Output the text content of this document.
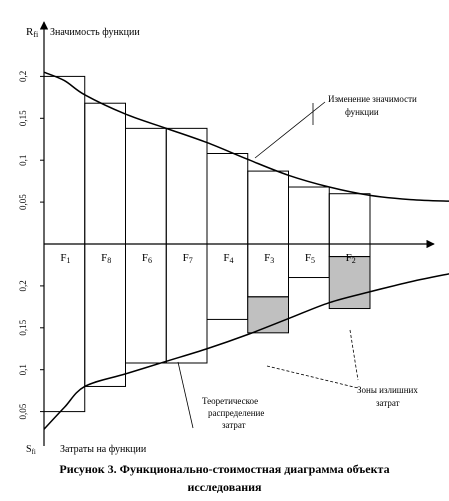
Rfi Значимость функции
$S_{fi}$ Затраты на функции
0,2
0,2
0,15
0,15
0,1
0,1
0,05
0,05
F1	F8	F6	F7	F4	F3	F5	F2
Изменение значимости функции
Теоретическое распределение затрат
Зоны излишних затрат
Рисунок 3. Функционально-стоимостная диаграмма объекта
исследования
